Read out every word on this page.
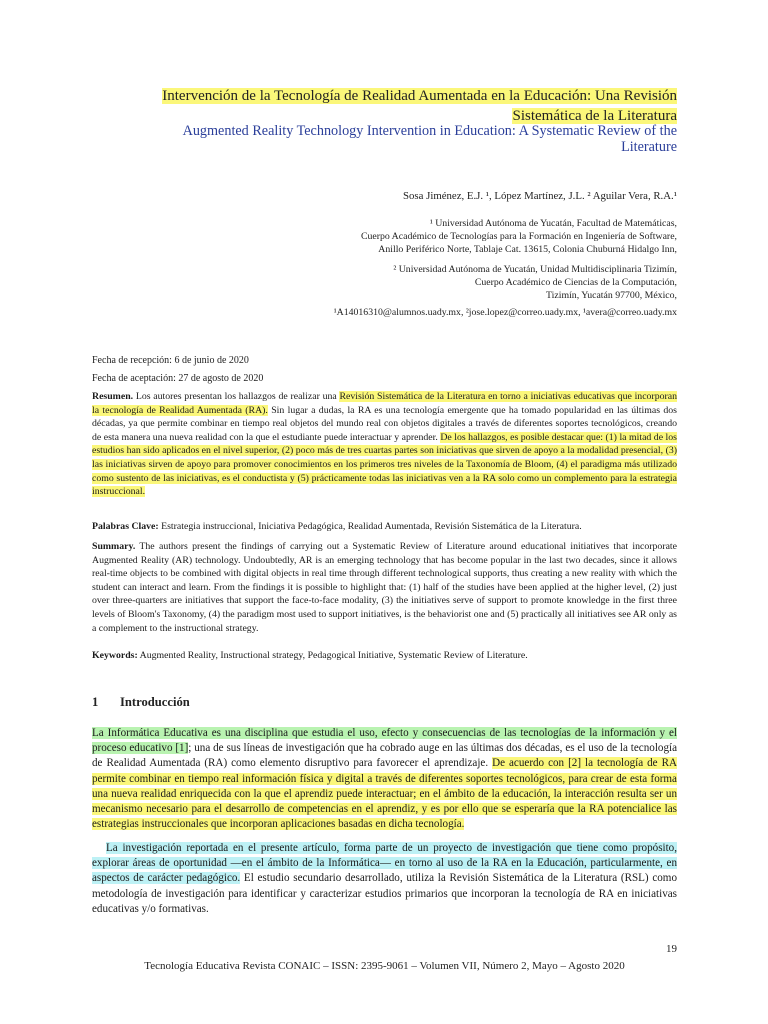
Intervención de la Tecnología de Realidad Aumentada en la Educación: Una Revisión
Sistemática de la Literatura
Augmented Reality Technology Intervention in Education: A Systematic Review of the
Literature
Sosa Jiménez, E.J. ¹, López Martínez, J.L. ² Aguilar Vera, R.A.¹
¹ Universidad Autónoma de Yucatán, Facultad de Matemáticas,
Cuerpo Académico de Tecnologías para la Formación en Ingeniería de Software,
Anillo Periférico Norte, Tablaje Cat. 13615, Colonia Chuburná Hidalgo Inn,
² Universidad Autónoma de Yucatán, Unidad Multidisciplinaria Tizimín,
Cuerpo Académico de Ciencias de la Computación,
Tizimín, Yucatán 97700, México,
¹A14016310@alumnos.uady.mx, ²jose.lopez@correo.uady.mx, ¹avera@correo.uady.mx
Fecha de recepción: 6 de junio de 2020
Fecha de aceptación: 27 de agosto de 2020
Resumen. Los autores presentan los hallazgos de realizar una Revisión Sistemática de la Literatura en torno a iniciativas educativas que incorporan la tecnología de Realidad Aumentada (RA). Sin lugar a dudas, la RA es una tecnología emergente que ha tomado popularidad en las últimas dos décadas, ya que permite combinar en tiempo real objetos del mundo real con objetos digitales a través de diferentes soportes tecnológicos, creando de esta manera una nueva realidad con la que el estudiante puede interactuar y aprender. De los hallazgos, es posible destacar que: (1) la mitad de los estudios han sido aplicados en el nivel superior, (2) poco más de tres cuartas partes son iniciativas que sirven de apoyo a la modalidad presencial, (3) las iniciativas sirven de apoyo para promover conocimientos en los primeros tres niveles de la Taxonomía de Bloom, (4) el paradigma más utilizado como sustento de las iniciativas, es el conductista y (5) prácticamente todas las iniciativas ven a la RA solo como un complemento para la estrategia instruccional.
Palabras Clave: Estrategia instruccional, Iniciativa Pedagógica, Realidad Aumentada, Revisión Sistemática de la Literatura.
Summary. The authors present the findings of carrying out a Systematic Review of Literature around educational initiatives that incorporate Augmented Reality (AR) technology. Undoubtedly, AR is an emerging technology that has become popular in the last two decades, since it allows real-time objects to be combined with digital objects in real time through different technological supports, thus creating a new reality with which the student can interact and learn. From the findings it is possible to highlight that: (1) half of the studies have been applied at the higher level, (2) just over three-quarters are initiatives that support the face-to-face modality, (3) the initiatives serve of support to promote knowledge in the first three levels of Bloom's Taxonomy, (4) the paradigm most used to support initiatives, is the behaviorist one and (5) practically all initiatives see AR only as a complement to the instructional strategy.
Keywords: Augmented Reality, Instructional strategy, Pedagogical Initiative, Systematic Review of Literature.
1 Introducción
La Informática Educativa es una disciplina que estudia el uso, efecto y consecuencias de las tecnologías de la información y el proceso educativo [1]; una de sus líneas de investigación que ha cobrado auge en las últimas dos décadas, es el uso de la tecnología de Realidad Aumentada (RA) como elemento disruptivo para favorecer el aprendizaje. De acuerdo con [2] la tecnología de RA permite combinar en tiempo real información física y digital a través de diferentes soportes tecnológicos, para crear de esta forma una nueva realidad enriquecida con la que el aprendiz puede interactuar; en el ámbito de la educación, la interacción resulta ser un mecanismo necesario para el desarrollo de competencias en el aprendiz, y es por ello que se esperaría que la RA potencialice las estrategias instruccionales que incorporan aplicaciones basadas en dicha tecnología.
La investigación reportada en el presente artículo, forma parte de un proyecto de investigación que tiene como propósito, explorar áreas de oportunidad —en el ámbito de la Informática— en torno al uso de la RA en la Educación, particularmente, en aspectos de carácter pedagógico. El estudio secundario desarrollado, utiliza la Revisión Sistemática de la Literatura (RSL) como metodología de investigación para identificar y caracterizar estudios primarios que incorporan la tecnología de RA en iniciativas educativas y/o formativas.
19
Tecnología Educativa Revista CONAIC – ISSN: 2395-9061 – Volumen VII, Número 2, Mayo – Agosto 2020
